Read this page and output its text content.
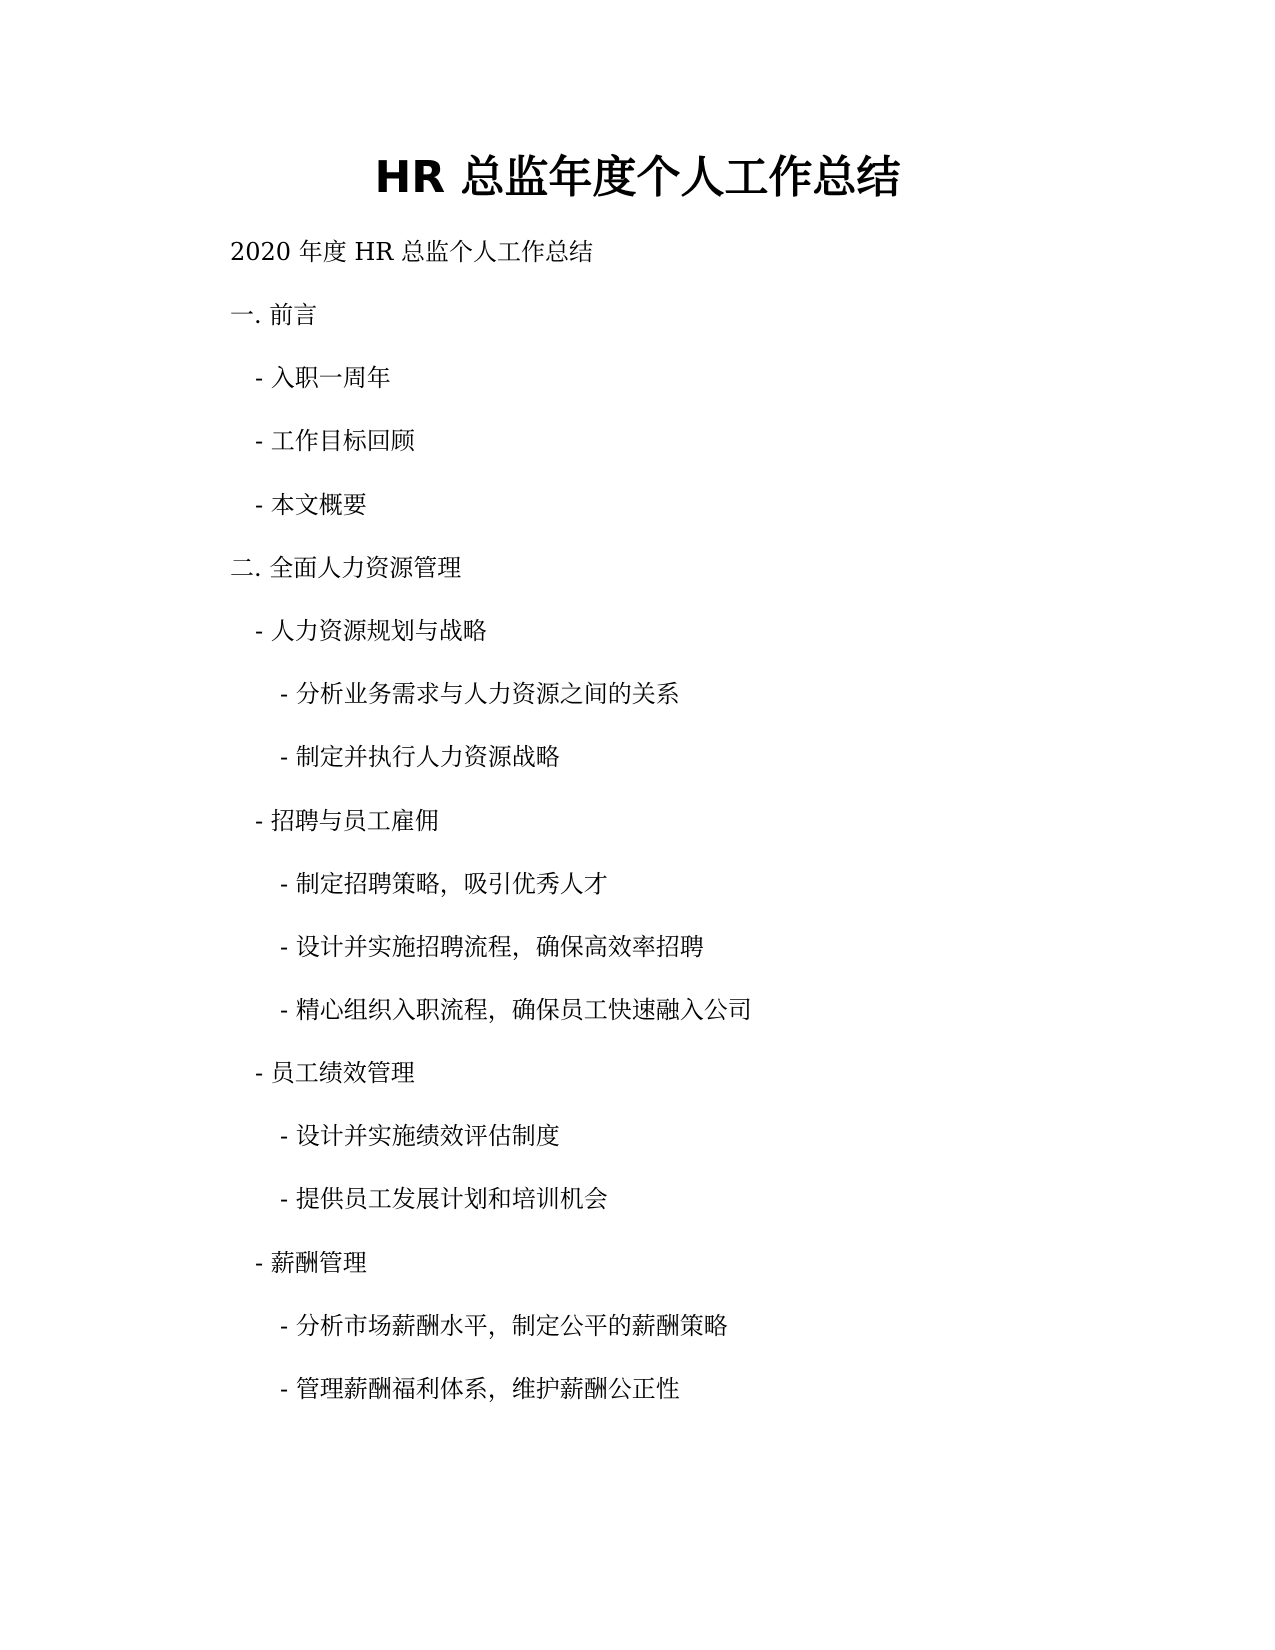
HR 总监年度个人工作总结

2020 年度 HR 总监个人工作总结

一. 前言

- 入职一周年

- 工作目标回顾

- 本文概要

二. 全面人力资源管理

- 人力资源规划与战略

- 分析业务需求与人力资源之间的关系

- 制定并执行人力资源战略

- 招聘与员工雇佣

- 制定招聘策略，吸引优秀人才

- 设计并实施招聘流程，确保高效率招聘

- 精心组织入职流程，确保员工快速融入公司

- 员工绩效管理

- 设计并实施绩效评估制度

- 提供员工发展计划和培训机会

- 薪酬管理

- 分析市场薪酬水平，制定公平的薪酬策略

- 管理薪酬福利体系，维护薪酬公正性
